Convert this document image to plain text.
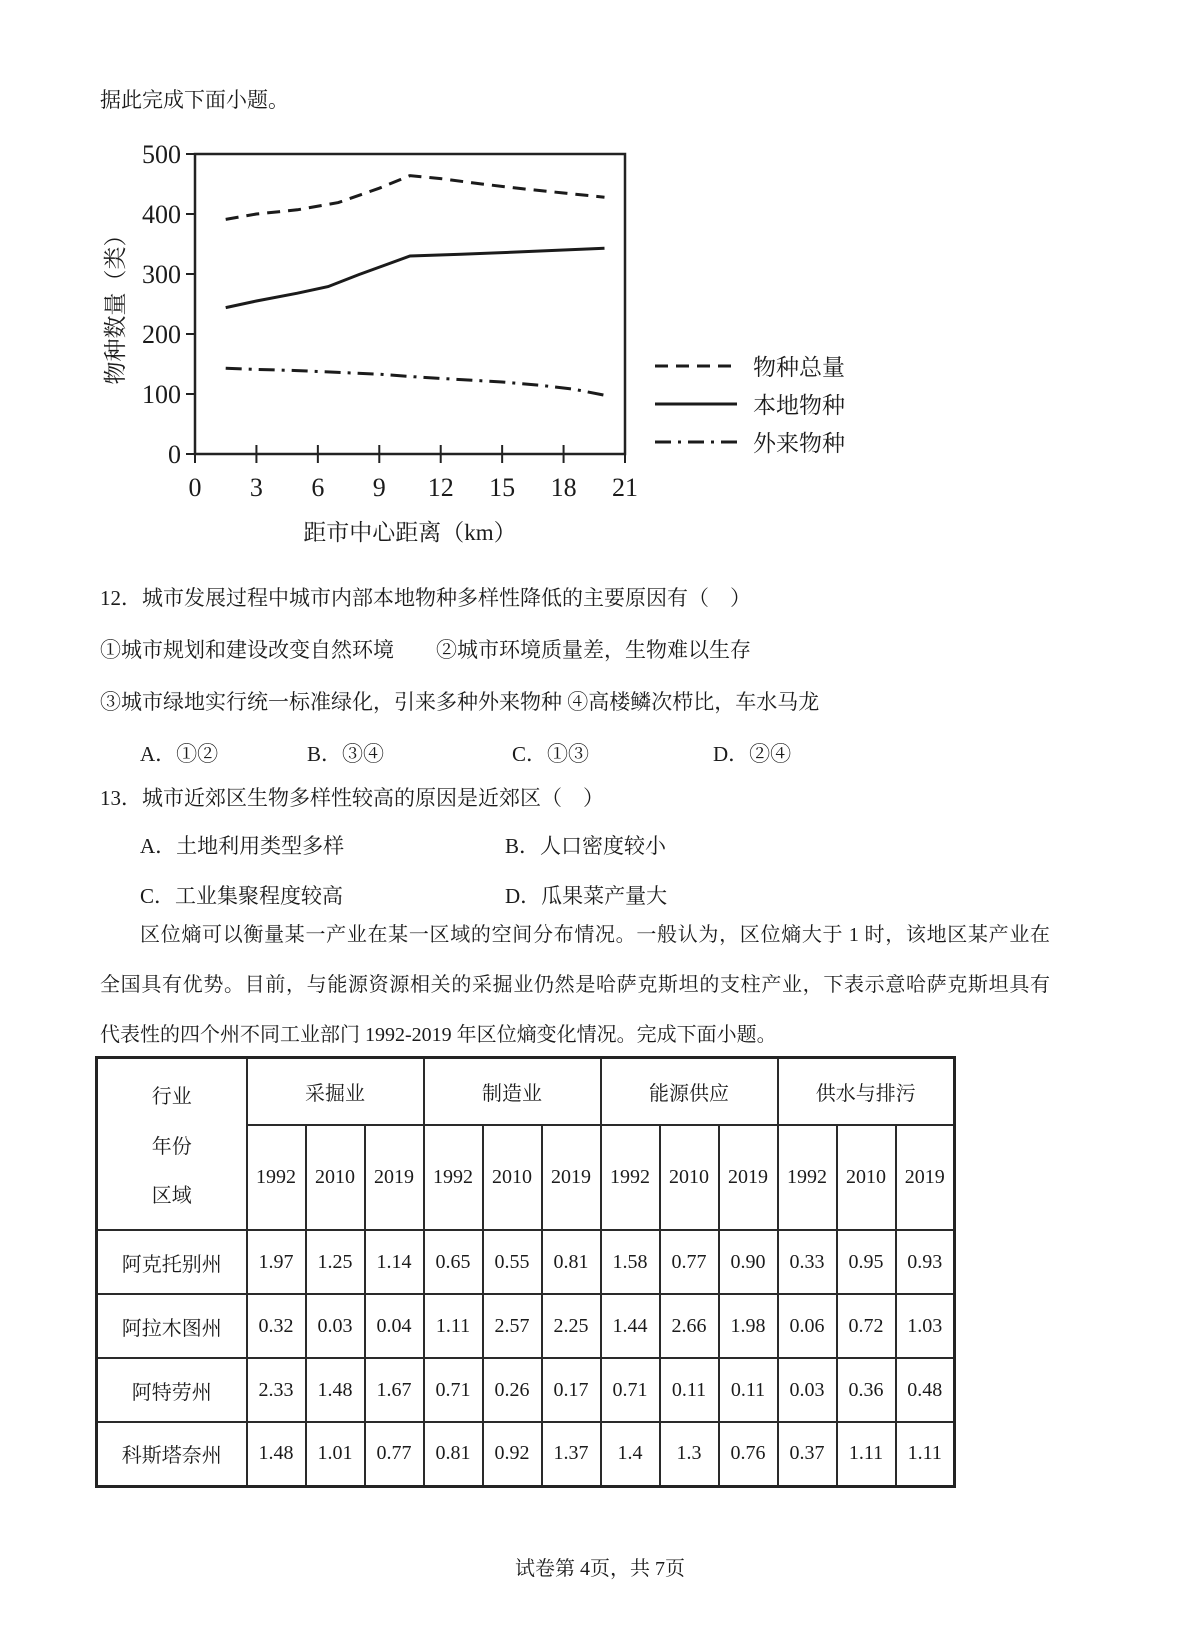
据此完成下面小题。
0
100
200
300
400
500
0 3 6 9 12 15 18 21
物种数量（类）
距市中心距离（km）
物种总量
本地物种
外来物种
12．城市发展过程中城市内部本地物种多样性降低的主要原因有（　）
①城市规划和建设改变自然环境　　②城市环境质量差，生物难以生存
③城市绿地实行统一标准绿化，引来多种外来物种 ④高楼鳞次栉比，车水马龙
A．①②	B．③④	C．①③	D．②④
13．城市近郊区生物多样性较高的原因是近郊区（　）
A．土地利用类型多样	B．人口密度较小
C．工业集聚程度较高	D．瓜果菜产量大
区位熵可以衡量某一产业在某一区域的空间分布情况。一般认为，区位熵大于 1 时，该地区某产业在
全国具有优势。目前，与能源资源相关的采掘业仍然是哈萨克斯坦的支柱产业，下表示意哈萨克斯坦具有
代表性的四个州不同工业部门 1992-2019 年区位熵变化情况。完成下面小题。
行业
年份
区域	采掘业			制造业			能源供应			供水与排污		
	1992	2010	2019	1992	2010	2019	1992	2010	2019	1992	2010	2019
阿克托别州	1.97	1.25	1.14	0.65	0.55	0.81	1.58	0.77	0.90	0.33	0.95	0.93
阿拉木图州	0.32	0.03	0.04	1.11	2.57	2.25	1.44	2.66	1.98	0.06	0.72	1.03
阿特劳州	2.33	1.48	1.67	0.71	0.26	0.17	0.71	0.11	0.11	0.03	0.36	0.48
科斯塔奈州	1.48	1.01	0.77	0.81	0.92	1.37	1.4	1.3	0.76	0.37	1.11	1.11
试卷第 4页，共 7页
